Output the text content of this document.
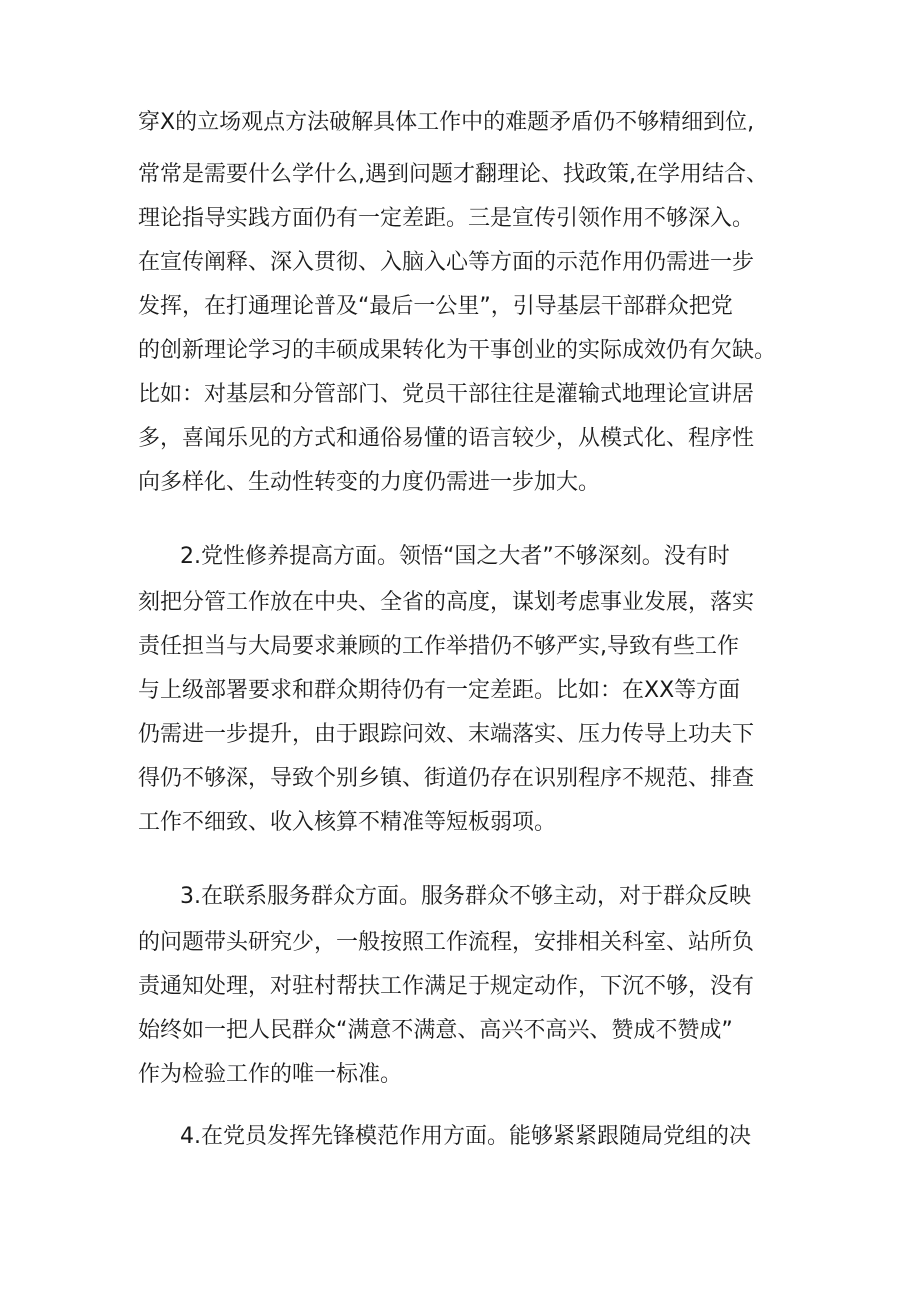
穿X的立场观点方法破解具体工作中的难题矛盾仍不够精细到位,
常常是需要什么学什么,遇到问题才翻理论、找政策,在学用结合、
理论指导实践方面仍有一定差距。三是宣传引领作用不够深入。
在宣传阐释、深入贯彻、入脑入心等方面的示范作用仍需进一步
发挥，在打通理论普及“最后一公里”，引导基层干部群众把党
的创新理论学习的丰硕成果转化为干事创业的实际成效仍有欠缺。
比如：对基层和分管部门、党员干部往往是灌输式地理论宣讲居
多，喜闻乐见的方式和通俗易懂的语言较少，从模式化、程序性
向多样化、生动性转变的力度仍需进一步加大。
2.党性修养提高方面。领悟“国之大者”不够深刻。没有时
刻把分管工作放在中央、全省的高度，谋划考虑事业发展，落实
责任担当与大局要求兼顾的工作举措仍不够严实,导致有些工作
与上级部署要求和群众期待仍有一定差距。比如：在XX等方面
仍需进一步提升，由于跟踪问效、末端落实、压力传导上功夫下
得仍不够深，导致个别乡镇、街道仍存在识别程序不规范、排查
工作不细致、收入核算不精准等短板弱项。
3.在联系服务群众方面。服务群众不够主动，对于群众反映
的问题带头研究少，一般按照工作流程，安排相关科室、站所负
责通知处理，对驻村帮扶工作满足于规定动作，下沉不够，没有
始终如一把人民群众“满意不满意、高兴不高兴、赞成不赞成”
作为检验工作的唯一标准。
4.在党员发挥先锋模范作用方面。能够紧紧跟随局党组的决
